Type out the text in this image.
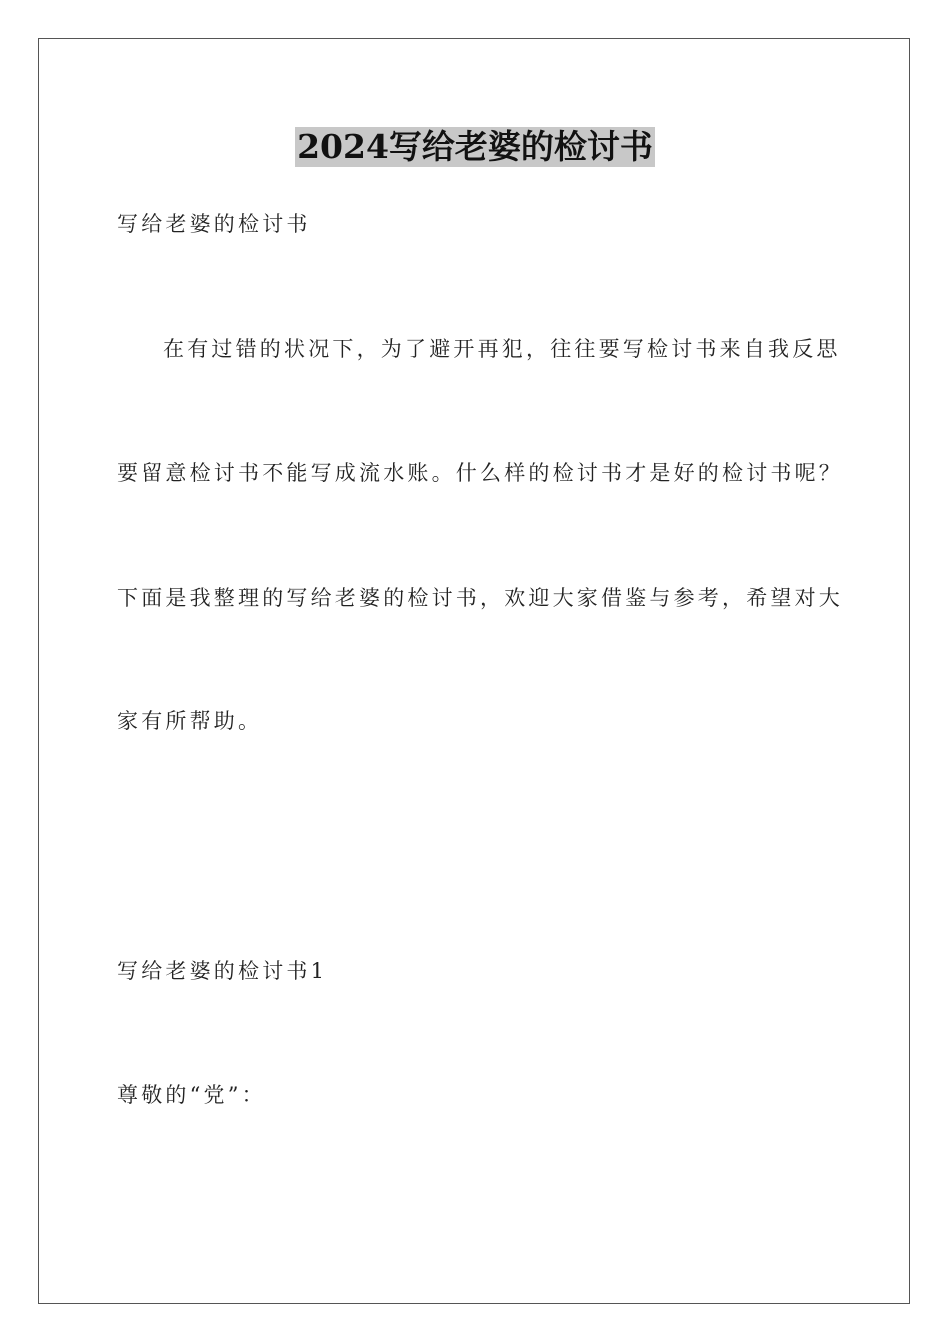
2024写给老婆的检讨书
写给老婆的检讨书
在有过错的状况下，为了避开再犯，往往要写检讨书来自我反思
要留意检讨书不能写成流水账。什么样的检讨书才是好的检讨书呢？
下面是我整理的写给老婆的检讨书，欢迎大家借鉴与参考，希望对大
家有所帮助。
写给老婆的检讨书1
尊敬的“党”：
